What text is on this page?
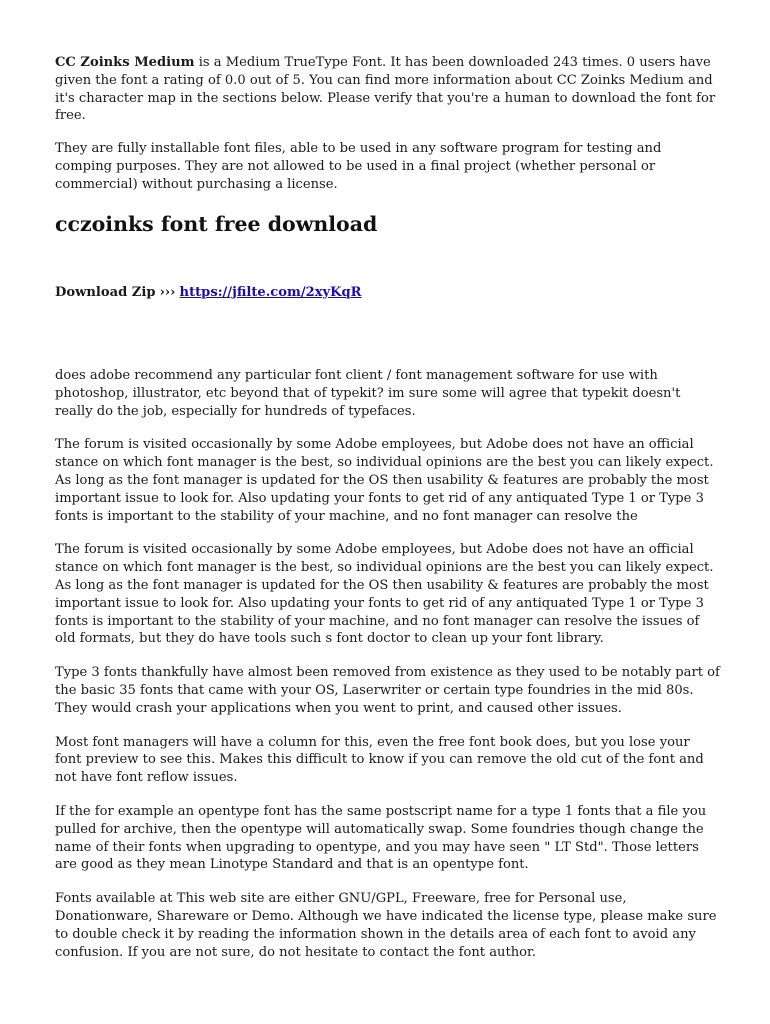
CC Zoinks Medium is a Medium TrueType Font. It has been downloaded 243 times. 0 users have given the font a rating of 0.0 out of 5. You can find more information about CC Zoinks Medium and it's character map in the sections below. Please verify that you're a human to download the font for free.

They are fully installable font files, able to be used in any software program for testing and comping purposes. They are not allowed to be used in a final project (whether personal or commercial) without purchasing a license.

cczoinks font free download
Download Zip ››› https://jfilte.com/2xyKqR

does adobe recommend any particular font client / font management software for use with photoshop, illustrator, etc beyond that of typekit? im sure some will agree that typekit doesn't really do the job, especially for hundreds of typefaces.

The forum is visited occasionally by some Adobe employees, but Adobe does not have an official stance on which font manager is the best, so individual opinions are the best you can likely expect. As long as the font manager is updated for the OS then usability & features are probably the most important issue to look for. Also updating your fonts to get rid of any antiquated Type 1 or Type 3 fonts is important to the stability of your machine, and no font manager can resolve the

The forum is visited occasionally by some Adobe employees, but Adobe does not have an official stance on which font manager is the best, so individual opinions are the best you can likely expect. As long as the font manager is updated for the OS then usability & features are probably the most important issue to look for. Also updating your fonts to get rid of any antiquated Type 1 or Type 3 fonts is important to the stability of your machine, and no font manager can resolve the issues of old formats, but they do have tools such s font doctor to clean up your font library.

Type 3 fonts thankfully have almost been removed from existence as they used to be notably part of the basic 35 fonts that came with your OS, Laserwriter or certain type foundries in the mid 80s. They would crash your applications when you went to print, and caused other issues.

Most font managers will have a column for this, even the free font book does, but you lose your font preview to see this. Makes this difficult to know if you can remove the old cut of the font and not have font reflow issues.

If the for example an opentype font has the same postscript name for a type 1 fonts that a file you pulled for archive, then the opentype will automatically swap. Some foundries though change the name of their fonts when upgrading to opentype, and you may have seen " LT Std". Those letters are good as they mean Linotype Standard and that is an opentype font.

Fonts available at This web site are either GNU/GPL, Freeware, free for Personal use, Donationware, Shareware or Demo. Although we have indicated the license type, please make sure to double check it by reading the information shown in the details area of each font to avoid any confusion. If you are not sure, do not hesitate to contact the font author.
